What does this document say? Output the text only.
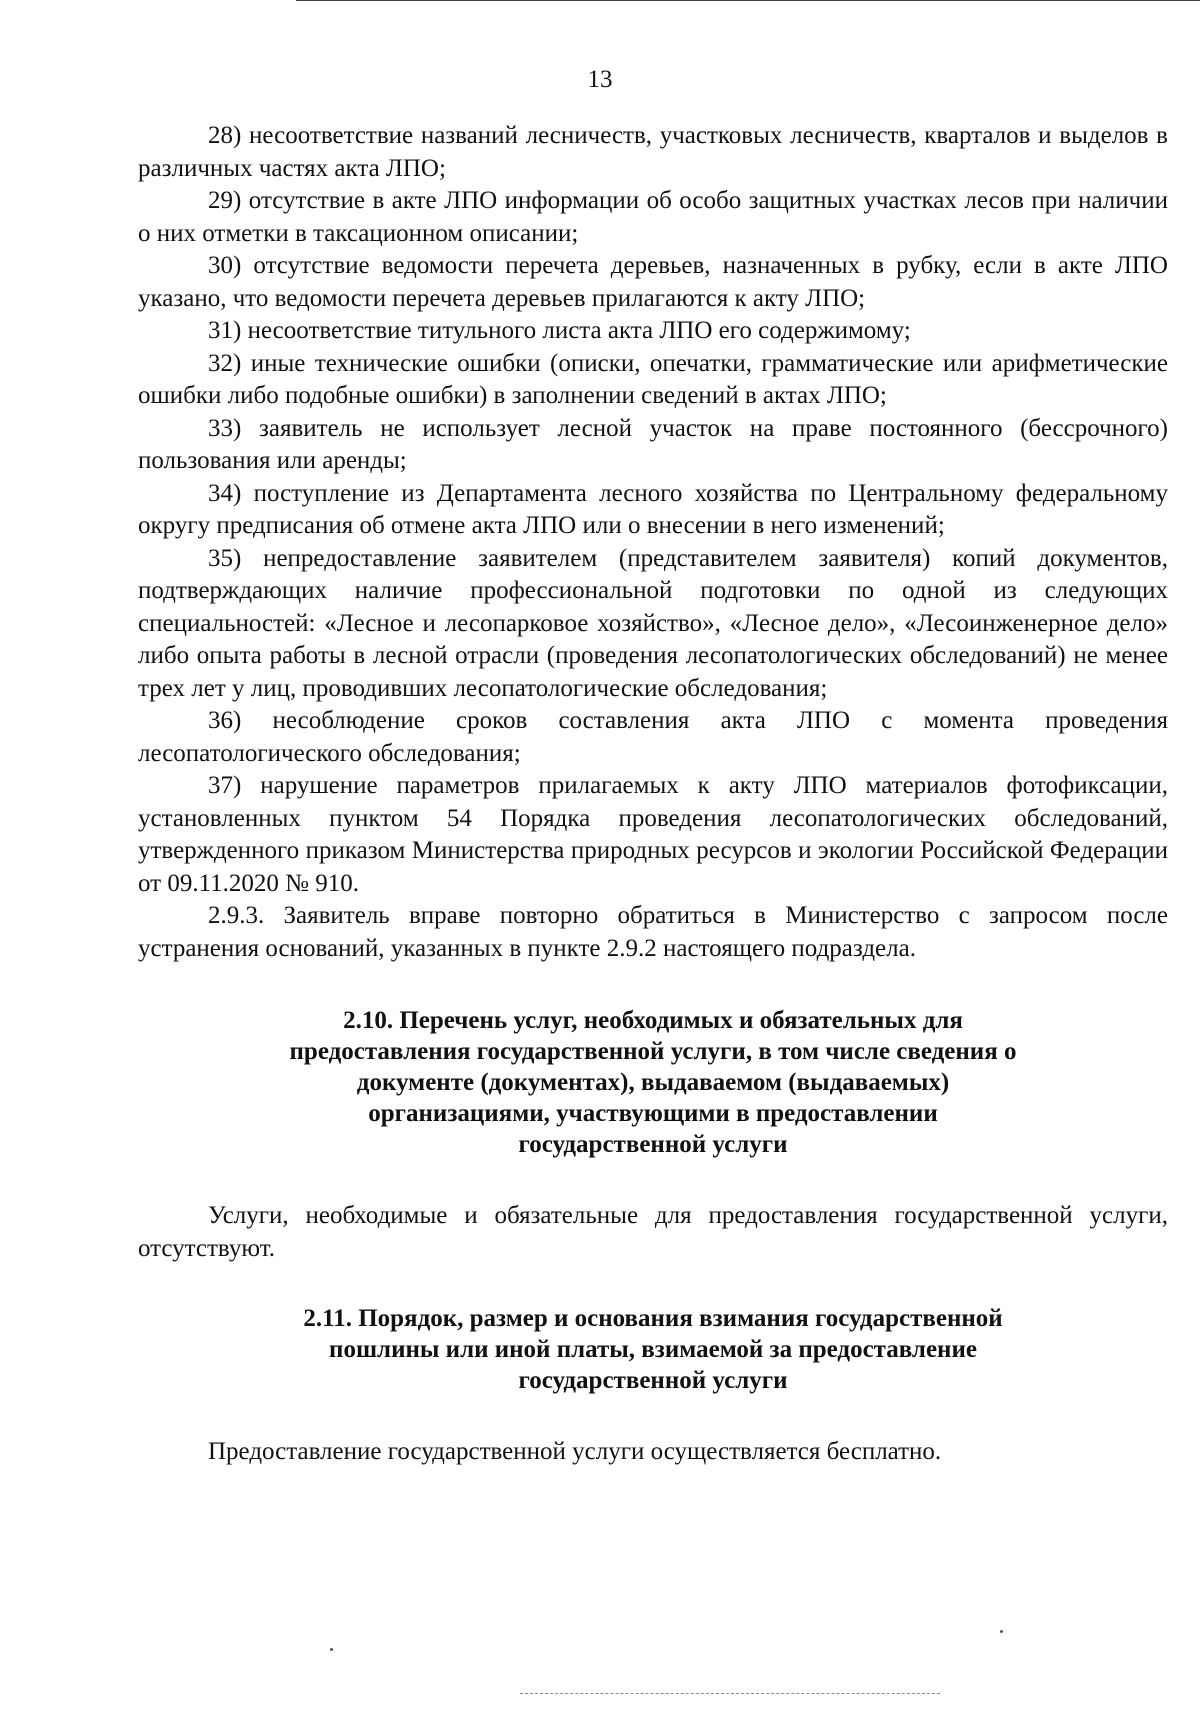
13

28) несоответствие названий лесничеств, участковых лесничеств, кварталов и выделов в различных частях акта ЛПО;

29) отсутствие в акте ЛПО информации об особо защитных участках лесов при наличии о них отметки в таксационном описании;

30) отсутствие ведомости перечета деревьев, назначенных в рубку, если в акте ЛПО указано, что ведомости перечета деревьев прилагаются к акту ЛПО;

31) несоответствие титульного листа акта ЛПО его содержимому;

32) иные технические ошибки (описки, опечатки, грамматические или арифметические ошибки либо подобные ошибки) в заполнении сведений в актах ЛПО;

33) заявитель не использует лесной участок на праве постоянного (бессрочного) пользования или аренды;

34) поступление из Департамента лесного хозяйства по Центральному федеральному округу предписания об отмене акта ЛПО или о внесении в него изменений;

35) непредоставление заявителем (представителем заявителя) копий документов, подтверждающих наличие профессиональной подготовки по одной из следующих специальностей: «Лесное и лесопарковое хозяйство», «Лесное дело», «Лесоинженерное дело» либо опыта работы в лесной отрасли (проведения лесопатологических обследований) не менее трех лет у лиц, проводивших лесопатологические обследования;

36) несоблюдение сроков составления акта ЛПО с момента проведения лесопатологического обследования;

37) нарушение параметров прилагаемых к акту ЛПО материалов фотофиксации, установленных пунктом 54 Порядка проведения лесопатологических обследований, утвержденного приказом Министерства природных ресурсов и экологии Российской Федерации от 09.11.2020 № 910.

2.9.3. Заявитель вправе повторно обратиться в Министерство с запросом после устранения оснований, указанных в пункте 2.9.2 настоящего подраздела.

2.10. Перечень услуг, необходимых и обязательных для предоставления государственной услуги, в том числе сведения о документе (документах), выдаваемом (выдаваемых) организациями, участвующими в предоставлении государственной услуги

Услуги, необходимые и обязательные для предоставления государственной услуги, отсутствуют.

2.11. Порядок, размер и основания взимания государственной пошлины или иной платы, взимаемой за предоставление государственной услуги

Предоставление государственной услуги осуществляется бесплатно.
